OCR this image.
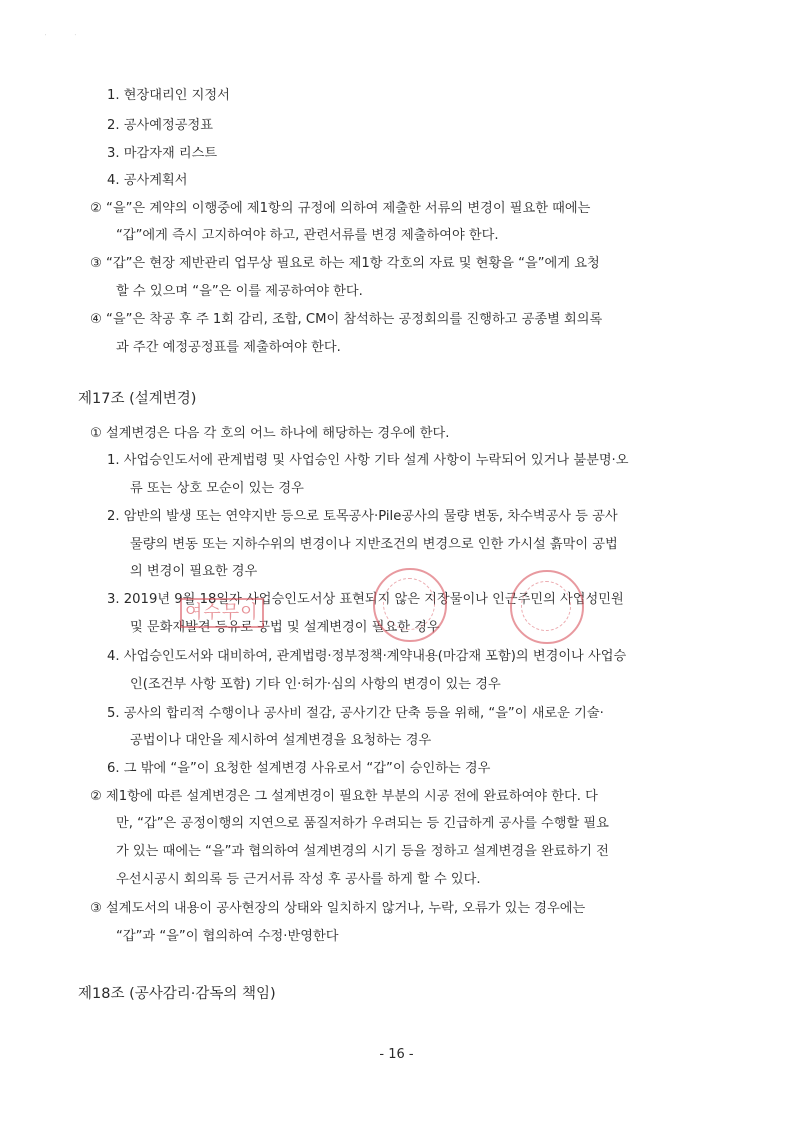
˙              ˙
1. 현장대리인 지정서
2. 공사예정공정표
3. 마감자재 리스트
4. 공사계획서
② “을”은 계약의 이행중에 제1항의 규정에 의하여 제출한 서류의 변경이 필요한 때에는
“갑”에게 즉시 고지하여야 하고, 관련서류를 변경 제출하여야 한다.
③ “갑”은 현장 제반관리 업무상 필요로 하는 제1항 각호의 자료 및 현황을 “을”에게 요청
할 수 있으며 “을”은 이를 제공하여야 한다.
④ “을”은 착공 후 주 1회 감리, 조합, CM이 참석하는 공정회의를 진행하고 공종별 회의록
과 주간 예정공정표를 제출하여야 한다.
제17조 (설계변경)
① 설계변경은 다음 각 호의 어느 하나에 해당하는 경우에 한다.
1. 사업승인도서에 관계법령 및 사업승인 사항 기타 설계 사항이 누락되어 있거나 불분명·오
류 또는 상호 모순이 있는 경우
2. 암반의 발생 또는 연약지반 등으로 토목공사·Pile공사의 물량 변동, 차수벽공사 등 공사
물량의 변동 또는 지하수위의 변경이나 지반조건의 변경으로 인한 가시설 흙막이 공법
의 변경이 필요한 경우
3. 2019년 9월 18일자 사업승인도서상 표현되지 않은 지장물이나 인근주민의 사업성민원
및 문화재발견 등유로 공법 및 설계변경이 필요한 경우
4. 사업승인도서와 대비하여, 관계법령·정부정책·계약내용(마감재 포함)의 변경이나 사업승
인(조건부 사항 포함) 기타 인·허가·심의 사항의 변경이 있는 경우
5. 공사의 합리적 수행이나 공사비 절감, 공사기간 단축 등을 위해, “을”이 새로운 기술·
공법이나 대안을 제시하여 설계변경을 요청하는 경우
6. 그 밖에 “을”이 요청한 설계변경 사유로서 “갑”이 승인하는 경우
② 제1항에 따른 설계변경은 그 설계변경이 필요한 부분의 시공 전에 완료하여야 한다. 다
만, “갑”은 공정이행의 지연으로 품질저하가 우려되는 등 긴급하게 공사를 수행할 필요
가 있는 때에는 “을”과 협의하여 설계변경의 시기 등을 정하고 설계변경을 완료하기 전
우선시공시 회의록 등 근거서류 작성 후 공사를 하게 할 수 있다.
③ 설계도서의 내용이 공사현장의 상태와 일치하지 않거나, 누락, 오류가 있는 경우에는
“갑”과 “을”이 협의하여 수정·반영한다
제18조 (공사감리·감독의 책임)
여수무이
- 16 -
